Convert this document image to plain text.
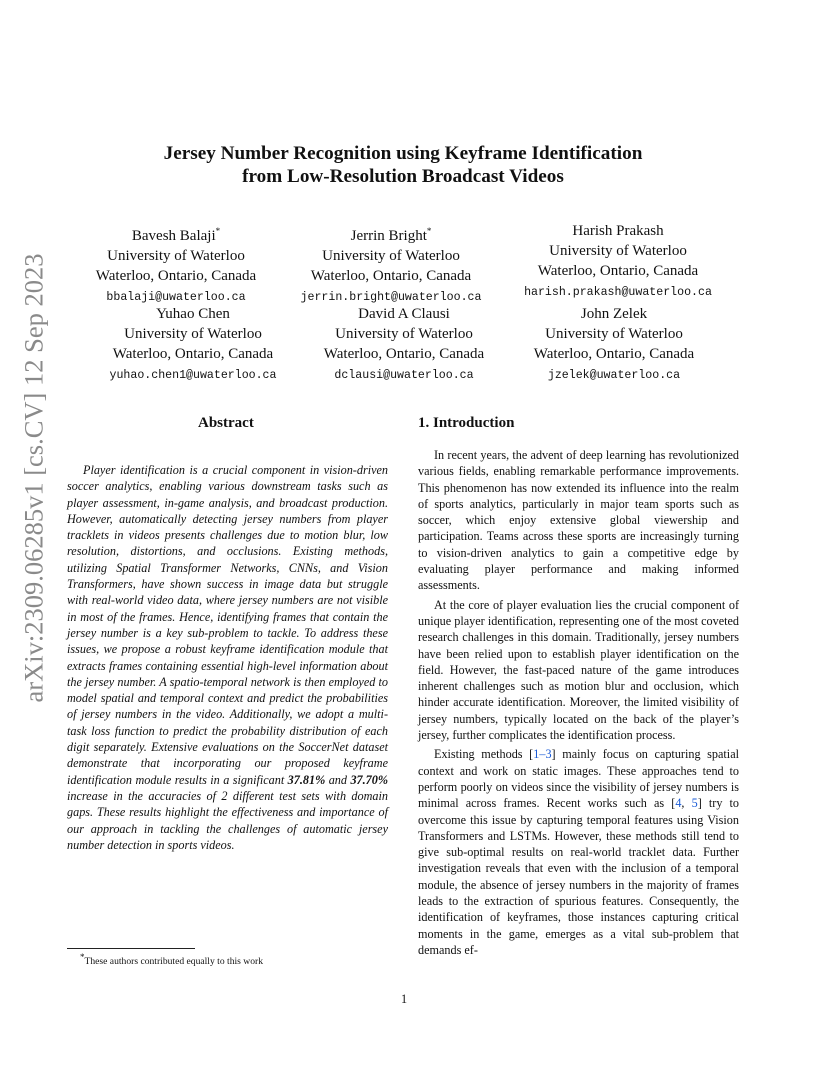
arXiv:2309.06285v1 [cs.CV] 12 Sep 2023
Jersey Number Recognition using Keyframe Identification
from Low-Resolution Broadcast Videos
Bavesh Balaji*
University of Waterloo
Waterloo, Ontario, Canada
bbalaji@uwaterloo.ca
Jerrin Bright*
University of Waterloo
Waterloo, Ontario, Canada
jerrin.bright@uwaterloo.ca
Harish Prakash
University of Waterloo
Waterloo, Ontario, Canada
harish.prakash@uwaterloo.ca
Yuhao Chen
University of Waterloo
Waterloo, Ontario, Canada
yuhao.chen1@uwaterloo.ca
David A Clausi
University of Waterloo
Waterloo, Ontario, Canada
dclausi@uwaterloo.ca
John Zelek
University of Waterloo
Waterloo, Ontario, Canada
jzelek@uwaterloo.ca
Abstract
Player identification is a crucial component in vision-driven soccer analytics, enabling various downstream tasks such as player assessment, in-game analysis, and broadcast production. However, automatically detecting jersey numbers from player tracklets in videos presents challenges due to motion blur, low resolution, distortions, and occlusions. Existing methods, utilizing Spatial Transformer Networks, CNNs, and Vision Transformers, have shown success in image data but struggle with real-world video data, where jersey numbers are not visible in most of the frames. Hence, identifying frames that contain the jersey number is a key sub-problem to tackle. To address these issues, we propose a robust keyframe identification module that extracts frames containing essential high-level information about the jersey number. A spatio-temporal network is then employed to model spatial and temporal context and predict the probabilities of jersey numbers in the video. Additionally, we adopt a multi-task loss function to predict the probability distribution of each digit separately. Extensive evaluations on the SoccerNet dataset demonstrate that incorporating our proposed keyframe identification module results in a significant 37.81% and 37.70% increase in the accuracies of 2 different test sets with domain gaps. These results highlight the effectiveness and importance of our approach in tackling the challenges of automatic jersey number detection in sports videos.
1. Introduction

In recent years, the advent of deep learning has revolutionized various fields, enabling remarkable performance improvements. This phenomenon has now extended its influence into the realm of sports analytics, particularly in major team sports such as soccer, which enjoy extensive global viewership and participation. Teams across these sports are increasingly turning to vision-driven analytics to gain a competitive edge by evaluating player performance and making informed assessments.

At the core of player evaluation lies the crucial component of unique player identification, representing one of the most coveted research challenges in this domain. Traditionally, jersey numbers have been relied upon to establish player identification on the field. However, the fast-paced nature of the game introduces inherent challenges such as motion blur and occlusion, which hinder accurate identification. Moreover, the limited visibility of jersey numbers, typically located on the back of the player’s jersey, further complicates the identification process.

Existing methods [1–3] mainly focus on capturing spatial context and work on static images. These approaches tend to perform poorly on videos since the visibility of jersey numbers is minimal across frames. Recent works such as [4, 5] try to overcome this issue by capturing temporal features using Vision Transformers and LSTMs. However, these methods still tend to give sub-optimal results on real-world tracklet data. Further investigation reveals that even with the inclusion of a temporal module, the absence of jersey numbers in the majority of frames leads to the extraction of spurious features. Consequently, the identification of keyframes, those instances capturing critical moments in the game, emerges as a vital sub-problem that demands ef-

*These authors contributed equally to this work
1
